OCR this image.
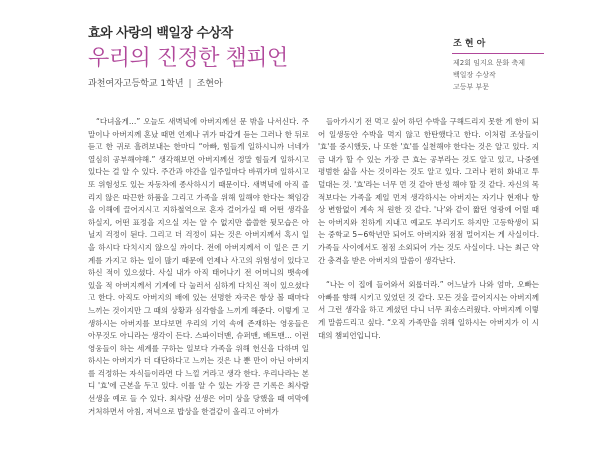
효와 사랑의 백일장 수상작
우리의 진정한 챔피언
과천여자고등학교 1학년 | 조현아
조 현 아
제2회 임지요 문화 축제
백일장 수상작
고등부 부문

“다녀올게…” 오늘도 새벽녘에 아버지께선 문 밖을 나서신다. 주말이나 아버지께 혼났 때면 언제나 귀가 따갑게 듣는 그러나 한 뒤로 듣고 한 귀로 흘려보내는 한마디 “아빠, 힘들게 일하시니까 너네가 열심히 공부해야해.” 생각해보면 아버지께선 정말 힘들게 일하시고 있다는 걸 알 수 있다. 주간과 야간을 일주일마다 바꿔가며 일하시고 또 위험성도 있는 자동차에 종사하시기 때문이다. 새벽녘에 아직 졸리지 않은 따끈한 하품을 그리고 가족을 위해 일해야 한다는 책임감을 이해에 끌어지시고 지하철역으로 혼자 걸어가실 때 어떤 생각을 하실지, 어떤 표정을 지으실 지는 알 수 없지만 씁쓸한 뒷모습은 아닐지 걱정이 된다. 그리고 더 걱정이 되는 것은 아버지께서 혹시 일을 하시다 다치시지 않으실 까이다. 전에 아버지께서 이 일은 큰 기계를 가지고 하는 일이 많기 때문에 언제나 사고의 위험성이 있다고 하신 적이 있으셨다. 사실 내가 아직 태어나기 전 어머니의 뱃속에 있을 적 아버지께서 기계에 다 눌러서 심하게 다치신 적이 있으셨다고 한다. 아직도 아버지의 배에 있는 선명한 자국은 항상 볼 때마다 느끼는 것이지만 그 때의 상황과 심각함을 느끼게 해준다. 이렇게 고생하시는 아버지를 보다보면 우리의 기억 속에 존재하는 영웅들은 아무것도 아니라는 생각이 든다. 스파이더맨, 슈퍼맨, 배트맨... 이런 영웅들이 하는 세계를 구하는 일보다 가족을 위해 헌신을 다하며 일하시는 아버지가 더 대단하다고 느끼는 것은 나 뿐 만이 아닌 아버지를 걱정하는 자식들이라면 다 느낄 거라고 생각 한다. 우리나라는 본디 '효'에 근본을 두고 있다. 이를 알 수 있는 가장 큰 기록은 최사람 선생을 예로 들 수 있다. 최사람 선생은 어미 상을 당했을 때 여막에 거처하면서 아침, 저녁으로 밥상을 한결같이 올리고 아버가

들아가시기 전 먹고 싶어 하던 수박을 구해드리지 못한 게 한이 되어 일생동안 수박을 먹지 않고 한탄했다고 한다. 이처럼 조상들이 '효'를 중시했듯, 나 또한 '효'를 실천해야 한다는 것은 알고 있다. 지금 내가 할 수 있는 가장 큰 효는 공부라는 것도 알고 있고, 나중엔 평범한 삶을 사는 것이라는 것도 알고 있다. 그러나 편히 화내고 투덜대는 것. '효'라는 너무 먼 것 같아 반성 해야 할 것 같다. 자신의 목적보다는 가족을 제일 먼저 생각하시는 아버지는 자기나 현재나 항상 변함없이 계속 처 원한 것 같다. '나'와 같이 짧던 영광에 어릴 때는 아버지와 친하게 지내고 예교도 부리기도 하지만 고등학생이 되는 중학교 5~6학년만 되어도 아버지와 점점 멀어지는 게 사실이다. 가족들 사이에서도 점점 소외되어 가는 것도 사실이다. 나는 최근 약간 충격을 받은 아버지의 말씀이 생각난다.

“나는 이 집에 들어와서 외롭더라.” 어느날가 나와 엄마, 오빠는 아빠를 향해 시키고 있었던 것 같다. 모든 것을 끌어지시는 아버지께서 그런 생각을 하고 계셨던 다니 너무 죄송스러웠다. 아버지께 이렇게 말씀드리고 싶다. “오직 가족만을 위해 일하시는 아버지가 이 시대의 챔피언입니다.
